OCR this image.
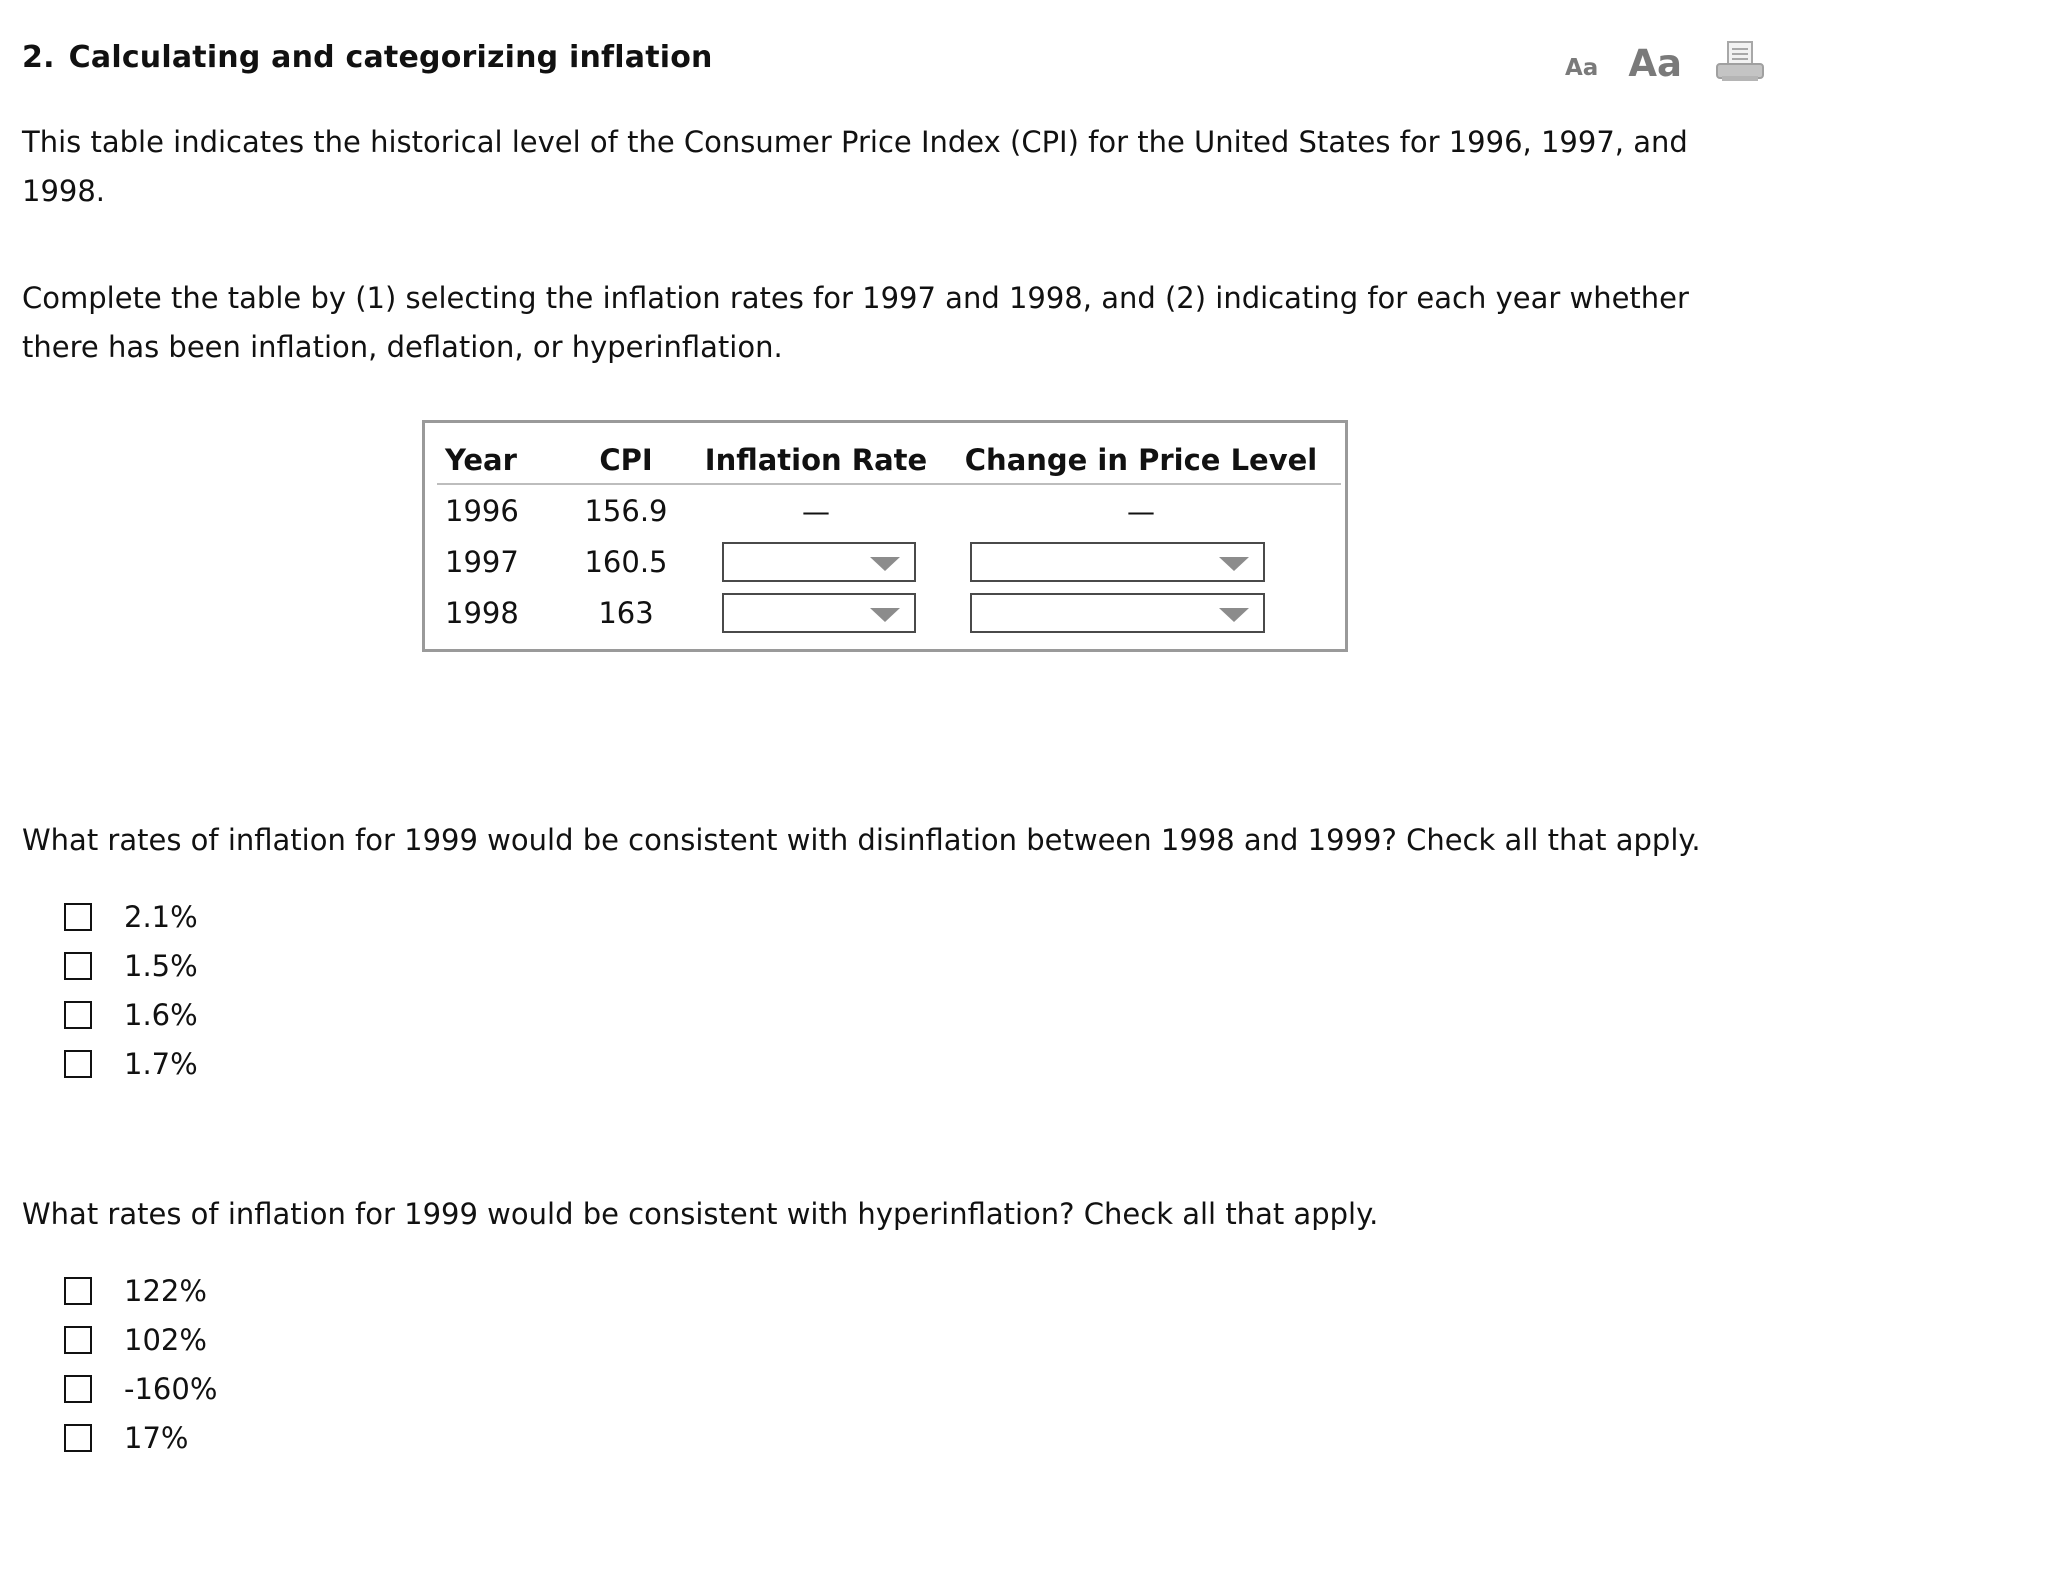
2. Calculating and categorizing inflation	Aa Aa
This table indicates the historical level of the Consumer Price Index (CPI) for the United States for 1996, 1997, and 1998.
Complete the table by (1) selecting the inflation rates for 1997 and 1998, and (2) indicating for each year whether there has been inflation, deflation, or hyperinflation.
Year	CPI	Inflation Rate	Change in Price Level
1996	156.9	—	—
1997	160.5	

1998	163	

What rates of inflation for 1999 would be consistent with disinflation between 1998 and 1999? Check all that apply.
2.1%
1.5%
1.6%
1.7%
What rates of inflation for 1999 would be consistent with hyperinflation? Check all that apply.
122%
102%
-160%
17%
